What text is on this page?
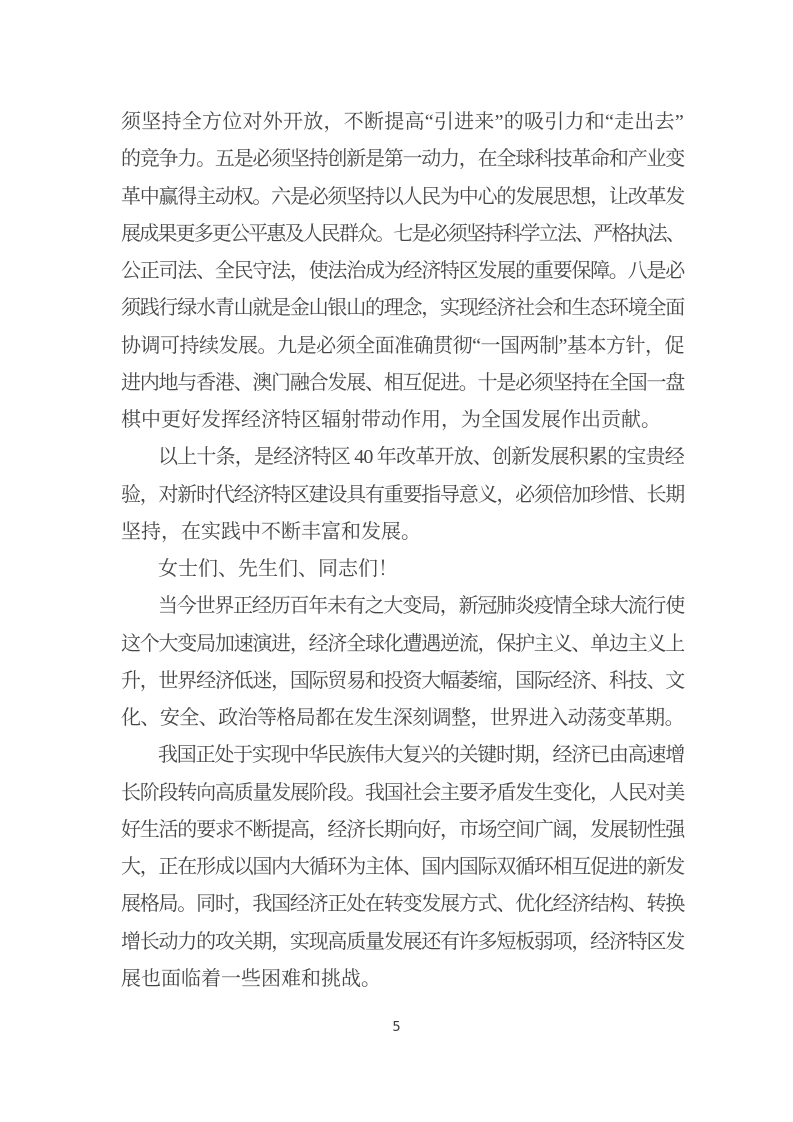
须坚持全方位对外开放，不断提高“引进来”的吸引力和“走出去”
的竞争力。五是必须坚持创新是第一动力，在全球科技革命和产业变
革中赢得主动权。六是必须坚持以人民为中心的发展思想，让改革发
展成果更多更公平惠及人民群众。七是必须坚持科学立法、严格执法、
公正司法、全民守法，使法治成为经济特区发展的重要保障。八是必
须践行绿水青山就是金山银山的理念，实现经济社会和生态环境全面
协调可持续发展。九是必须全面准确贯彻“一国两制”基本方针，促
进内地与香港、澳门融合发展、相互促进。十是必须坚持在全国一盘
棋中更好发挥经济特区辐射带动作用，为全国发展作出贡献。
以上十条，是经济特区 40 年改革开放、创新发展积累的宝贵经
验，对新时代经济特区建设具有重要指导意义，必须倍加珍惜、长期
坚持，在实践中不断丰富和发展。
女士们、先生们、同志们！
当今世界正经历百年未有之大变局，新冠肺炎疫情全球大流行使
这个大变局加速演进，经济全球化遭遇逆流，保护主义、单边主义上
升，世界经济低迷，国际贸易和投资大幅萎缩，国际经济、科技、文
化、安全、政治等格局都在发生深刻调整，世界进入动荡变革期。
我国正处于实现中华民族伟大复兴的关键时期，经济已由高速增
长阶段转向高质量发展阶段。我国社会主要矛盾发生变化，人民对美
好生活的要求不断提高，经济长期向好，市场空间广阔，发展韧性强
大，正在形成以国内大循环为主体、国内国际双循环相互促进的新发
展格局。同时，我国经济正处在转变发展方式、优化经济结构、转换
增长动力的攻关期，实现高质量发展还有许多短板弱项，经济特区发
展也面临着一些困难和挑战。
5
